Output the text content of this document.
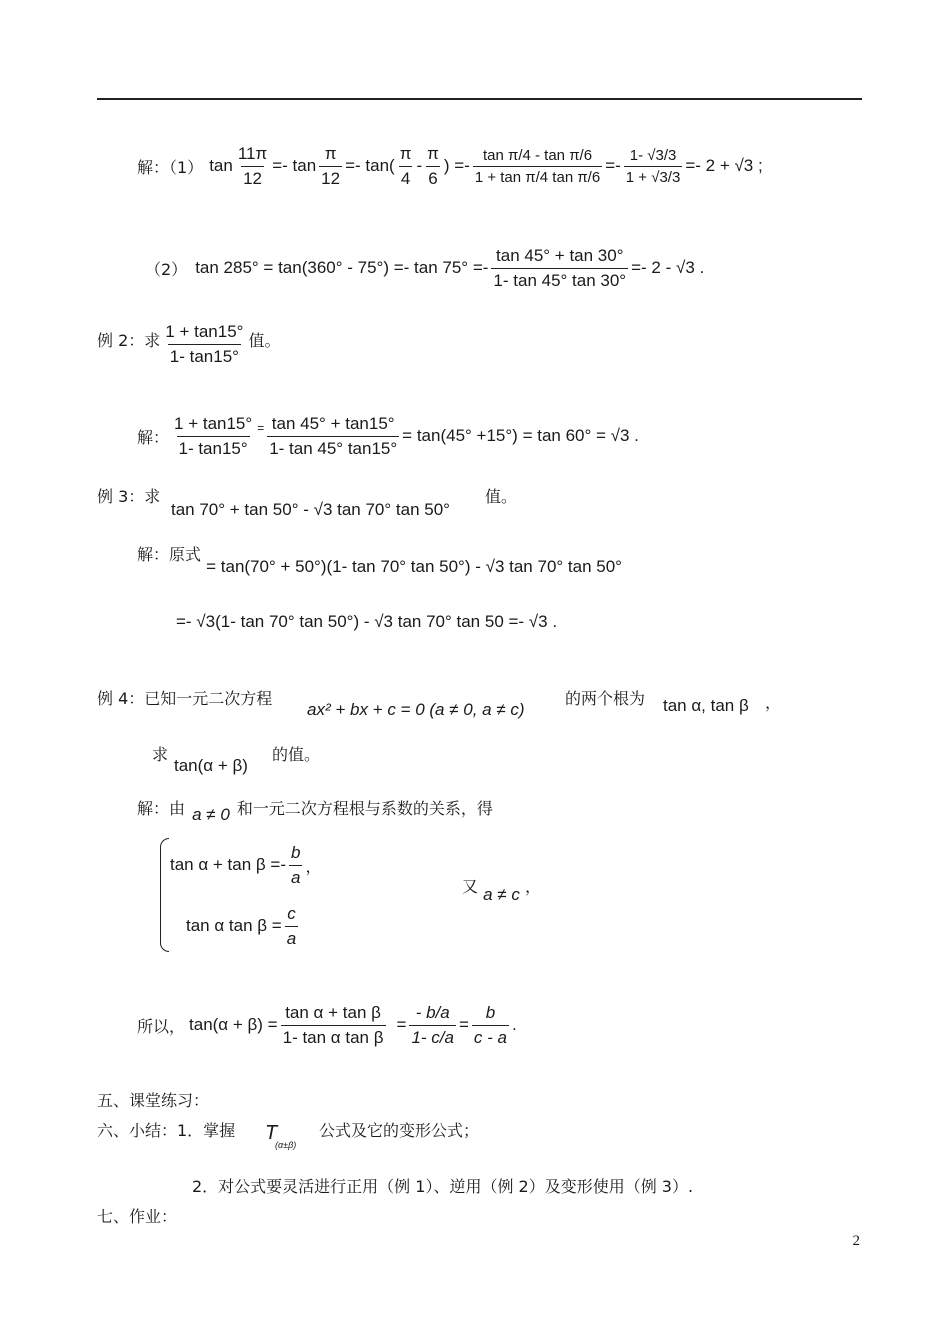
解：（1） $\tan \frac{11\pi}{12} =- \tan \frac{\pi}{12} =- \tan( \frac{\pi}{4} - \frac{\pi}{6}$ ) =- $\frac{\text{tan π/4 - tan π/6}}{\text{1 + tan π/4 tan π/6}} =- \frac{1- √3/3}{1 + √3/3} =- 2 + √3$ ;
（2） $\tan 285^\circ = \tan(360^\circ - 75^\circ) =- \tan 75^\circ =- \frac{\tan 45^\circ + \tan 30^\circ}{1- \tan 45^\circ \tan 30^\circ} =- 2 - √3$ .
例 2：求 $\frac{1 + \tan 15^\circ}{1- \tan 15^\circ}$ 值。
解： $\frac{1 + \tan 15^\circ}{1- \tan 15^\circ} = \frac{\tan 45^\circ + \tan 15^\circ}{1- \tan 45^\circ \tan 15^\circ} = \tan(45^\circ +15^\circ) = \tan 60^\circ = √3$ .
例 3：求
tan 70° + tan 50° - √3 tan 70° tan 50°
值。
解：原式 = tan(70° + 50°)(1- tan 70° tan 50°) - √3 tan 70° tan 50°
=- √3(1- tan 70° tan 50°) - √3 tan 70° tan 50 =- √3 .
例 4：已知一元二次方程
ax² + bx + c = 0 (a ≠ 0, a ≠ c)
的两个根为 tan α, tan β ，
求
tan(α + β)
的值。
解：由 a ≠ 0 和一元二次方程根与系数的关系，得
$\tan \alpha + \tan \beta =- \frac{b}{a}$ ，
tan α $\tan \beta = \frac{c}{a}$
又 a ≠ c ，
所以， $\tan(\alpha + \beta) = \frac{\text{tan α + tan β}}{\text{1- tan α tan β}} = \frac{- b/a}{1- c/a} = \frac{b}{c - a}$ .
五、课堂练习：
六、小结：1．掌握 T
(α±β)
公式及它的变形公式；
2．对公式要灵活进行正用（例 1）、逆用（例 2）及变形使用（例 3）.
七、作业：
2
